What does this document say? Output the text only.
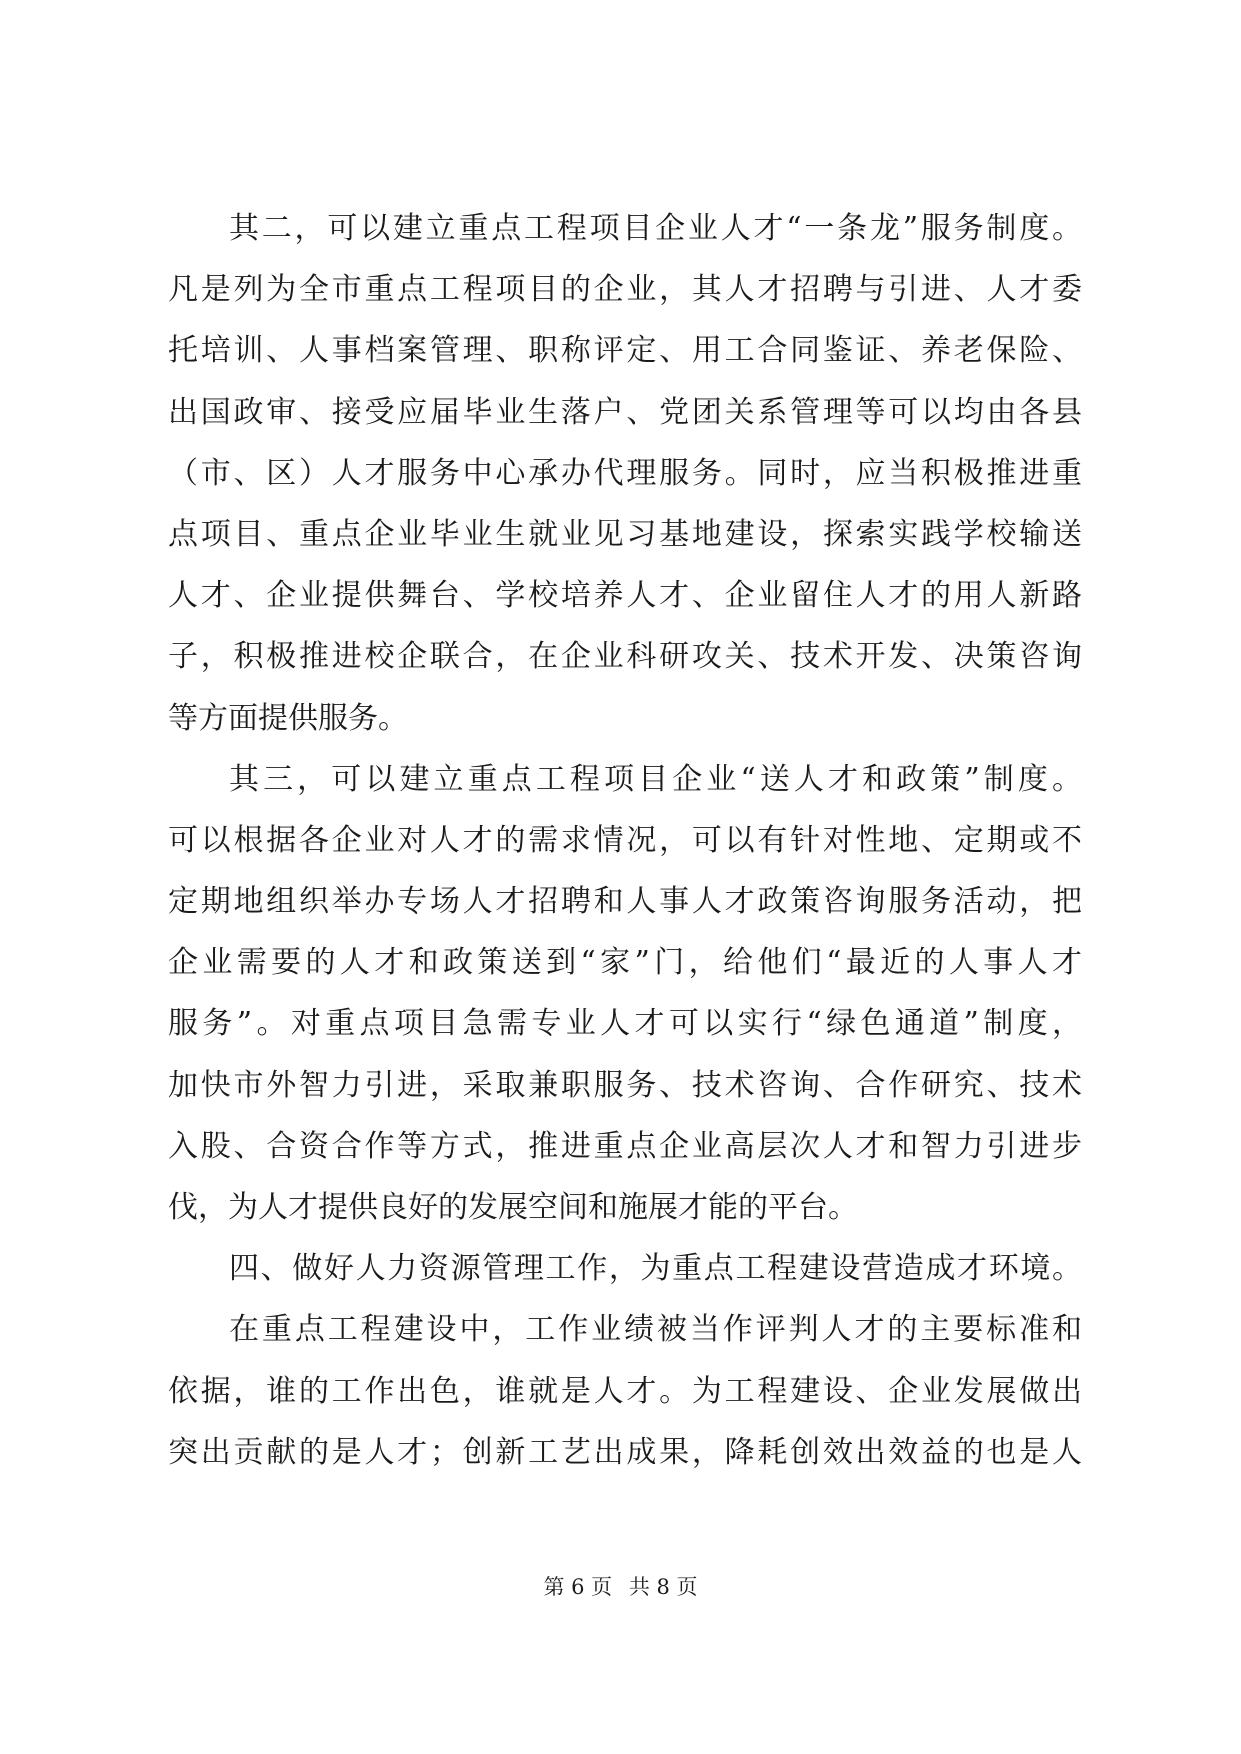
其二，可以建立重点工程项目企业人才“一条龙”服务制度。
凡是列为全市重点工程项目的企业，其人才招聘与引进、人才委
托培训、人事档案管理、职称评定、用工合同鉴证、养老保险、
出国政审、接受应届毕业生落户、党团关系管理等可以均由各县
（市、区）人才服务中心承办代理服务。同时，应当积极推进重
点项目、重点企业毕业生就业见习基地建设，探索实践学校输送
人才、企业提供舞台、学校培养人才、企业留住人才的用人新路
子，积极推进校企联合，在企业科研攻关、技术开发、决策咨询
等方面提供服务。
其三，可以建立重点工程项目企业“送人才和政策”制度。
可以根据各企业对人才的需求情况，可以有针对性地、定期或不
定期地组织举办专场人才招聘和人事人才政策咨询服务活动，把
企业需要的人才和政策送到“家”门，给他们“最近的人事人才
服务”。对重点项目急需专业人才可以实行“绿色通道”制度，
加快市外智力引进，采取兼职服务、技术咨询、合作研究、技术
入股、合资合作等方式，推进重点企业高层次人才和智力引进步
伐，为人才提供良好的发展空间和施展才能的平台。
四、做好人力资源管理工作，为重点工程建设营造成才环境。
在重点工程建设中，工作业绩被当作评判人才的主要标准和
依据，谁的工作出色，谁就是人才。为工程建设、企业发展做出
突出贡献的是人才；创新工艺出成果，降耗创效出效益的也是人
第 6 页 共 8 页
